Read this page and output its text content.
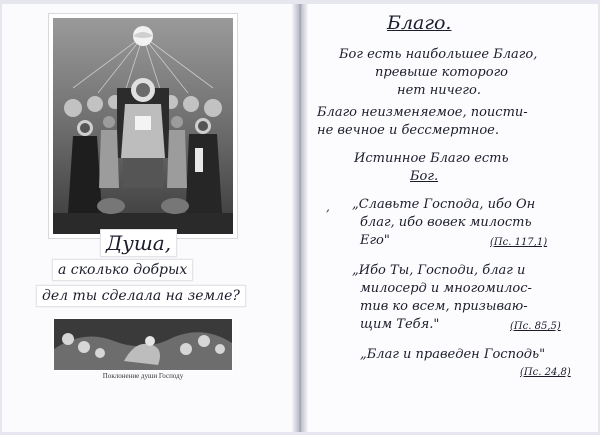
Душа,
а сколько добрых
дел ты сделала на земле?
Поклонение души Господу
Благо.
Бог есть наибольшее Благо,
превыше которого
нет ничего.
Благо неизменяемое, поисти-
не вечное и бессмертное.
Истинное Благо есть
Бог.
, „Славьте Господа, ибо Он
благ, ибо вовек милость
Его"	(Пс. 117,1)
„Ибо Ты, Господи, благ и
милосерд и многомилос-
тив ко всем, призываю-
щим Тебя."	(Пс. 85,5)
„Благ и праведен Господь"
(Пс. 24,8)
